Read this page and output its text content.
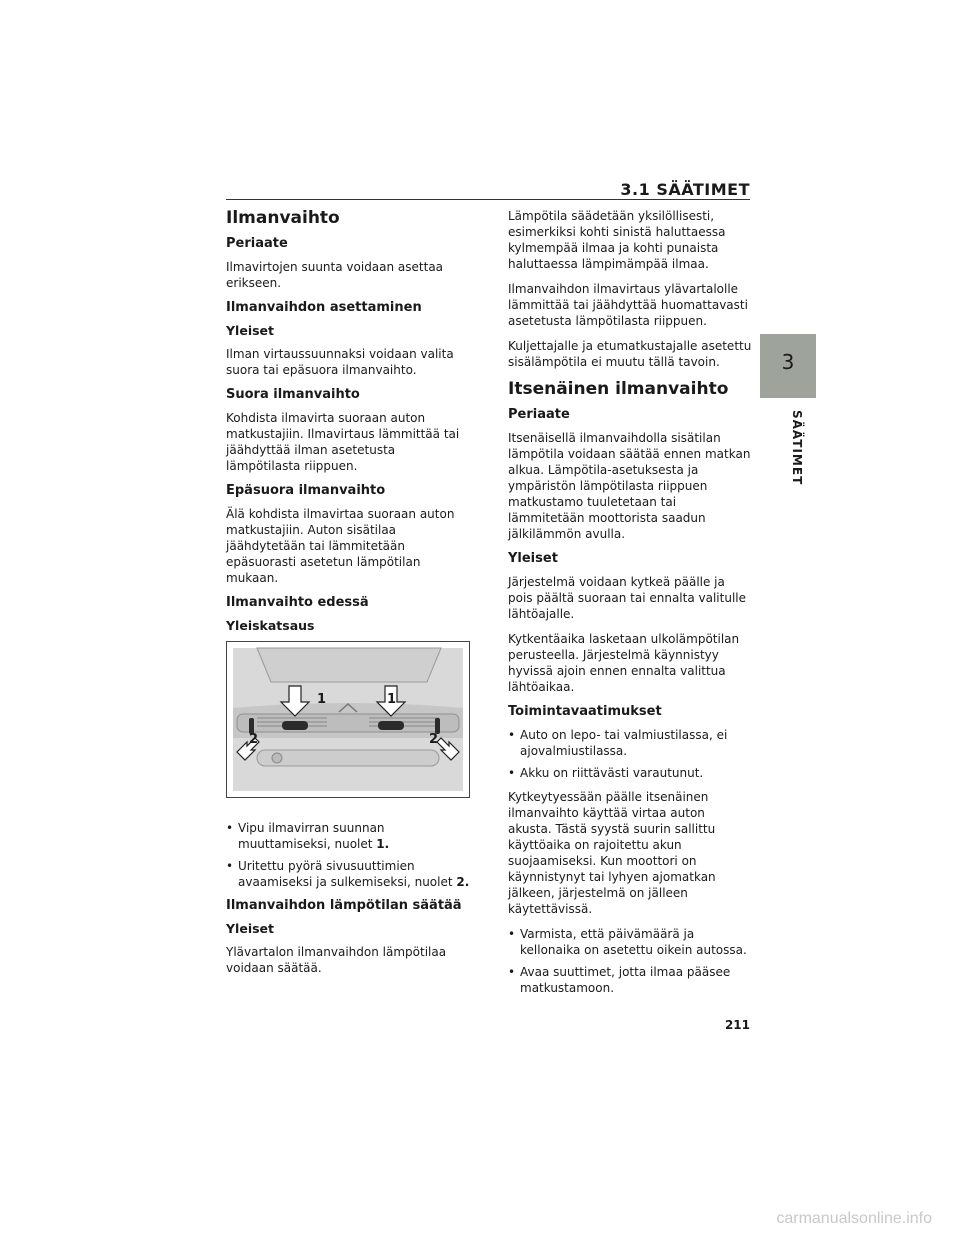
3.1 SÄÄTIMET
3
SÄÄTIMET
Ilmanvaihto
Periaate

Ilmavirtojen suunta voidaan asettaa erikseen.

Ilmanvaihdon asettaminen
Yleiset

Ilman virtaussuunnaksi voidaan valita suora tai epäsuora ilmanvaihto.

Suora ilmanvaihto

Kohdista ilmavirta suoraan auton matkustajiin. Ilmavirtaus lämmittää tai jäähdyttää ilman asetetusta lämpötilasta riippuen.

Epäsuora ilmanvaihto

Älä kohdista ilmavirtaa suoraan auton matkustajiin. Auton sisätilaa jäähdytetään tai lämmitetään epäsuorasti asetetun lämpötilan mukaan.

Ilmanvaihto edessä
Yleiskatsaus
1	1
2	2
• Vipu ilmavirran suunnan muuttamiseksi, nuolet 1.
• Uritettu pyörä sivusuuttimien avaamiseksi ja sulkemiseksi, nuolet 2.
Ilmanvaihdon lämpötilan säätää
Yleiset

Ylävartalon ilmanvaihdon lämpötilaa voidaan säätää.

Lämpötila säädetään yksilöllisesti, esimerkiksi kohti sinistä haluttaessa kylmempää ilmaa ja kohti punaista haluttaessa lämpimämpää ilmaa.

Ilmanvaihdon ilmavirtaus ylävartalolle lämmittää tai jäähdyttää huomattavasti asetetusta lämpötilasta riippuen.

Kuljettajalle ja etumatkustajalle asetettu sisälämpötila ei muutu tällä tavoin.

Itsenäinen ilmanvaihto
Periaate

Itsenäisellä ilmanvaihdolla sisätilan lämpötila voidaan säätää ennen matkan alkua. Lämpötila-asetuksesta ja ympäristön lämpötilasta riippuen matkustamo tuuletetaan tai lämmitetään moottorista saadun jälkilämmön avulla.

Yleiset

Järjestelmä voidaan kytkeä päälle ja pois päältä suoraan tai ennalta valitulle lähtöajalle.

Kytkentäaika lasketaan ulkolämpötilan perusteella. Järjestelmä käynnistyy hyvissä ajoin ennen ennalta valittua lähtöaikaa.

Toimintavaatimukset
• Auto on lepo- tai valmiustilassa, ei ajovalmiustilassa.
• Akku on riittävästi varautunut.

Kytkeytyessään päälle itsenäinen ilmanvaihto käyttää virtaa auton akusta. Tästä syystä suurin sallittu käyttöaika on rajoitettu akun suojaamiseksi. Kun moottori on käynnistynyt tai lyhyen ajomatkan jälkeen, järjestelmä on jälleen käytettävissä.

• Varmista, että päivämäärä ja kellonaika on asetettu oikein autossa.
• Avaa suuttimet, jotta ilmaa pääsee matkustamoon.
211
carmanualsonline.info
